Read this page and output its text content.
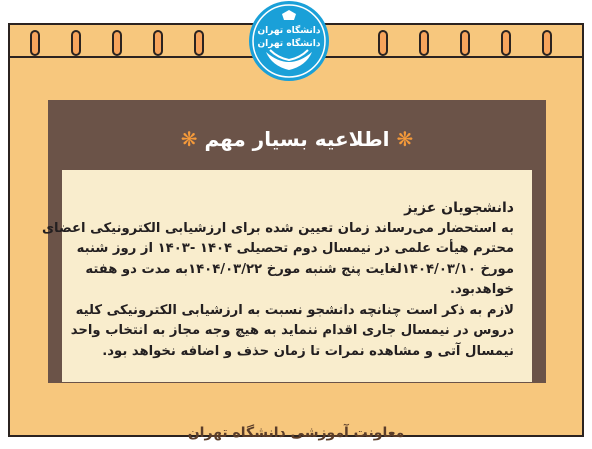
دانشگاه تهران
دانشگاه تهران
❋ اطلاعیه بسیار مهم ❋
دانشجویان عزیز
به استحضار می‌رساند زمان تعیین شده برای ارزشیابی الکترونیکی اعضای
محترم هیأت علمی در نیمسال دوم تحصیلی ۱۴۰۴ -۱۴۰۳ از روز شنبه
مورخ ۱۴۰۴/۰۳/۱۰لغایت پنج شنبه مورخ ۱۴۰۴/۰۳/۲۲به مدت دو هفته
خواهدبود.
لازم به ذکر است چنانچه دانشجو نسبت به ارزشیابی الکترونیکی کلیه
دروس در نیمسال جاری اقدام ننماید به هیچ وجه مجاز به انتخاب واحد
نیمسال آتی و مشاهده نمرات تا زمان حذف و اضافه نخواهد بود.
معاونت آموزشی دانشگاه تهران
